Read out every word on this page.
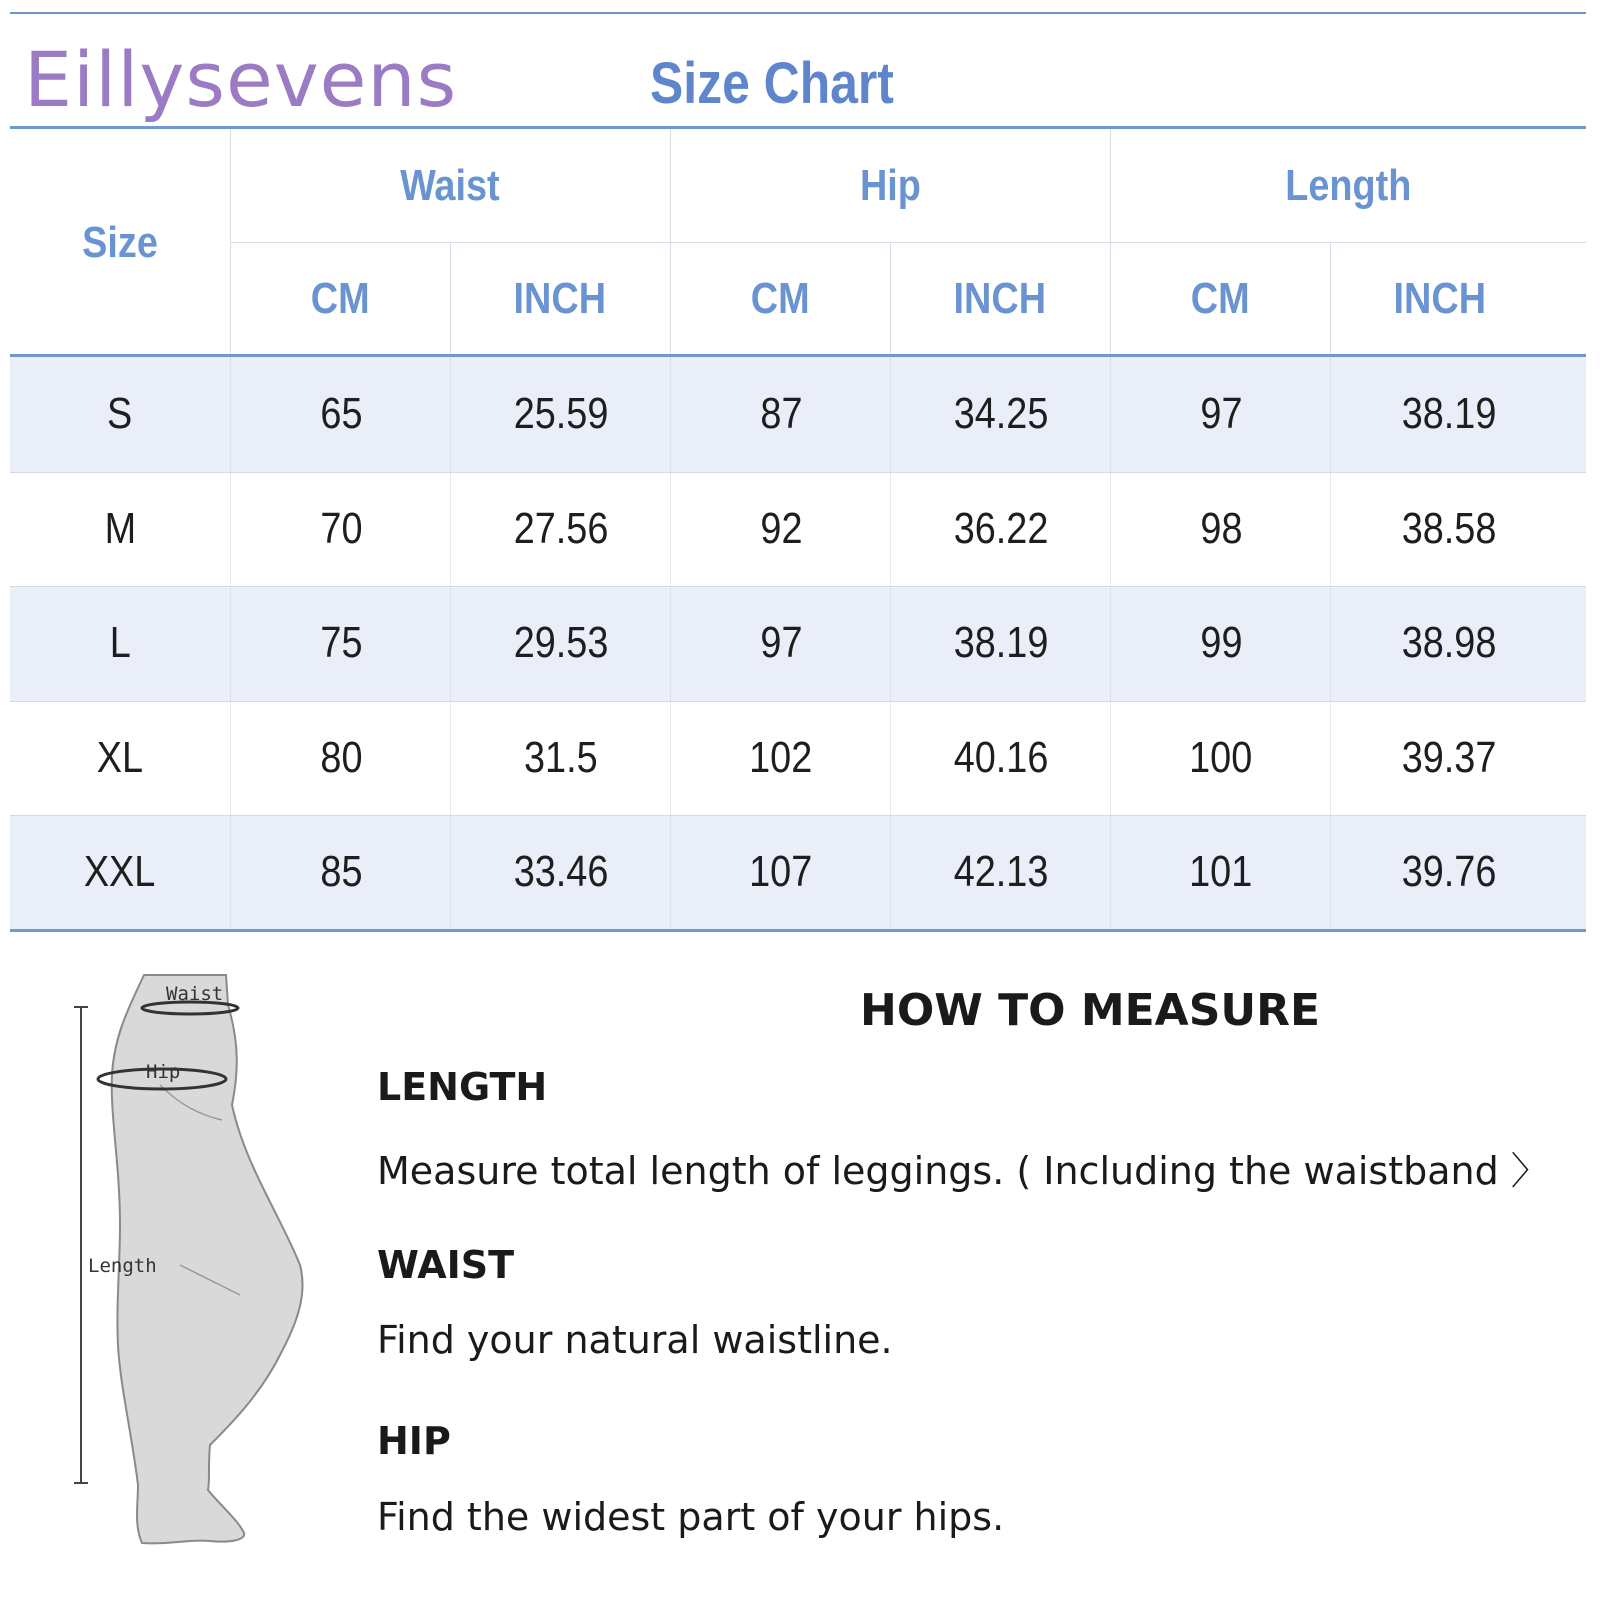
Eillysevens	Size Chart
Size
Waist	Hip	Length
CM	INCH	CM	INCH	CM	INCH
S	65	25.59	87	34.25	97	38.19
M	70	27.56	92	36.22	98	38.58
L	75	29.53	97	38.19	99	38.98
XL	80	31.5	102	40.16	100	39.37
XXL	85	33.46	107	42.13	101	39.76
Waist
Hip
Length
HOW TO MEASURE
LENGTH
Measure total length of leggings. ( Including the waistband 〉
WAIST
Find your natural waistline.
HIP
Find the widest part of your hips.
